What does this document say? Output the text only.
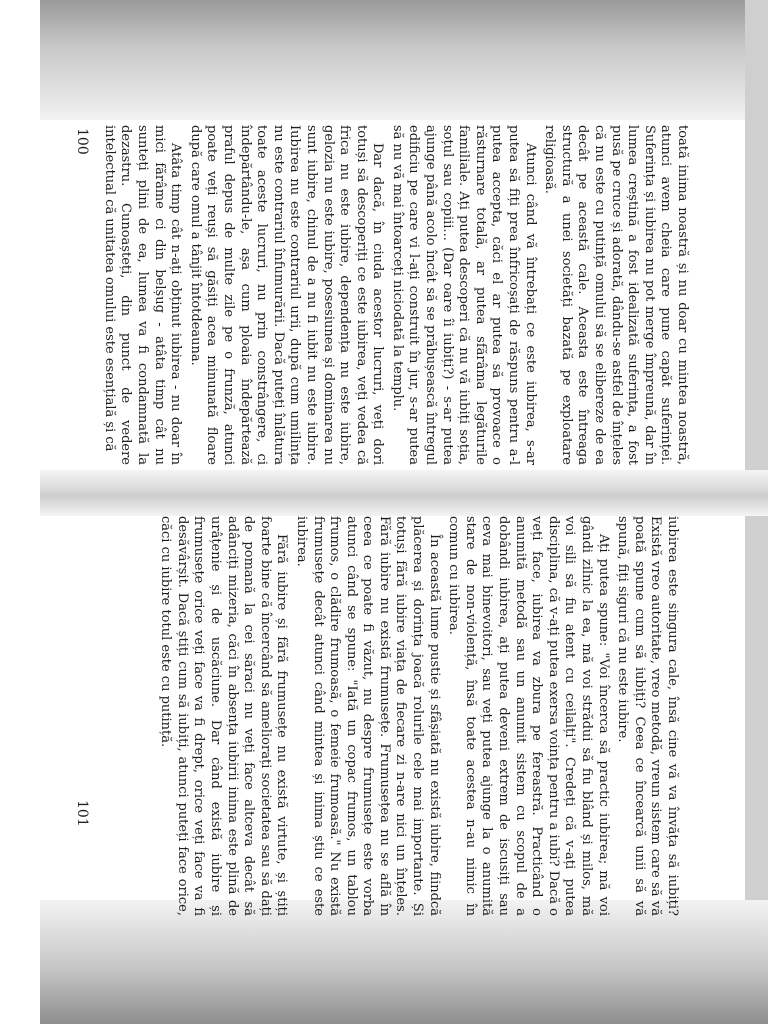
toată inima noastră și nu doar cu mintea noastră, atunci avem cheia care pune capăt suferinței. Suferința și iubirea nu pot merge împreună, dar în lumea creștină a fost idealizată suferința, a fost pusă pe cruce și adorată, dându-se astfel de înțeles că nu este cu putință omului să se elibereze de ea decât pe această cale. Aceasta este întreaga structură a unei societăți bazată pe exploatare religioasă.

Atunci când vă întrebați ce este iubirea, s-ar putea să fiți prea înfricoșați de răspuns pentru a-l putea accepta, căci el ar putea să provoace o răsturnare totală, ar putea sfărâma legăturile familiale. Ați putea descoperi că nu vă iubiți soția, soțul sau copiii... (Dar oare îi iubiți?) - s-ar putea ajunge până acolo încât să se prăbușească întregul edificiu pe care vi l-ați construit în jur, s-ar putea să nu vă mai întoarceți niciodată la templu.

Dar dacă, în ciuda acestor lucruri, veți dori totuși să descoperiți ce este iubirea, veți vedea că frica nu este iubire, dependența nu este iubire, gelozia nu este iubire, posesiunea și dominarea nu sunt iubire, chinul de a nu fi iubit nu este iubire. Iubirea nu este contrariul urii, după cum umilința nu este contrariul înfumurării. Dacă puteți înlătura toate aceste lucruri, nu prin constrângere, ci îndepărtându-le, așa cum ploaia îndepărtează praful depus de multe zile pe o frunză, atunci poate veți reuși să găsiți acea minunată floare după care omul a tânjit întotdeauna.

Atâta timp cât n-ați obținut iubirea - nu doar în mici fărâme ci din belșug - atâta timp cât nu sunteți plini de ea, lumea va fi condamnată la dezastru. Cunoașteți, din punct de vedere intelectual că unitatea omului este esențială și că

iubirea este singura cale, însă cine vă va învăța să iubiți? Există vreo autoritate, vreo metodă, vreun sistem care să vă poată spune cum să iubiți? Ceea ce încearcă unii să vă spună, fiți siguri că nu este iubire.

Ați putea spune: "Voi încerca să practic iubirea; mă voi gândi zilnic la ea, mă voi strădui să fiu blând și milos, mă voi sili să fiu atent cu ceilalți". Credeți că v-ați putea disciplina, că v-ați putea exersa voința pentru a iubi? Dacă o veți face, iubirea va zbura pe fereastră. Practicând o anumită metodă sau un anumit sistem cu scopul de a dobândi iubirea, ați putea deveni extrem de iscusiți sau ceva mai binevoitori, sau veți putea ajunge la o anumită stare de non-violență, însă toate acestea n-au nimic în comun cu iubirea.

În această lume pustie și sfâșiată nu există iubire, fiindcă plăcerea și dorința joacă rolurile cele mai importante. Și totuși fără iubire viața de fiecare zi n-are nici un înțeles. Fără iubire nu există frumusețe. Frumusețea nu se află în ceea ce poate fi văzut, nu despre frumusețe este vorba atunci când se spune: "Iată un copac frumos, un tablou frumos, o clădire frumoasă, o femeie frumoasă." Nu există frumusețe decât atunci când mintea și inima știu ce este iubirea.

Fără iubire și fără frumusețe nu există virtute, și știți foarte bine că încercând să ameliorați societatea sau să dați de pomană la cei săraci nu veți face altceva decât să adânciți mizeria, căci în absența iubirii inima este plină de urâțenie și de uscăciune. Dar când există iubire și frumusețe orice veți face va fi drept, orice veți face va fi desăvârșit. Dacă știți cum să iubiți, atunci puteți face orice, căci cu iubire totul este cu putință.

100
101
